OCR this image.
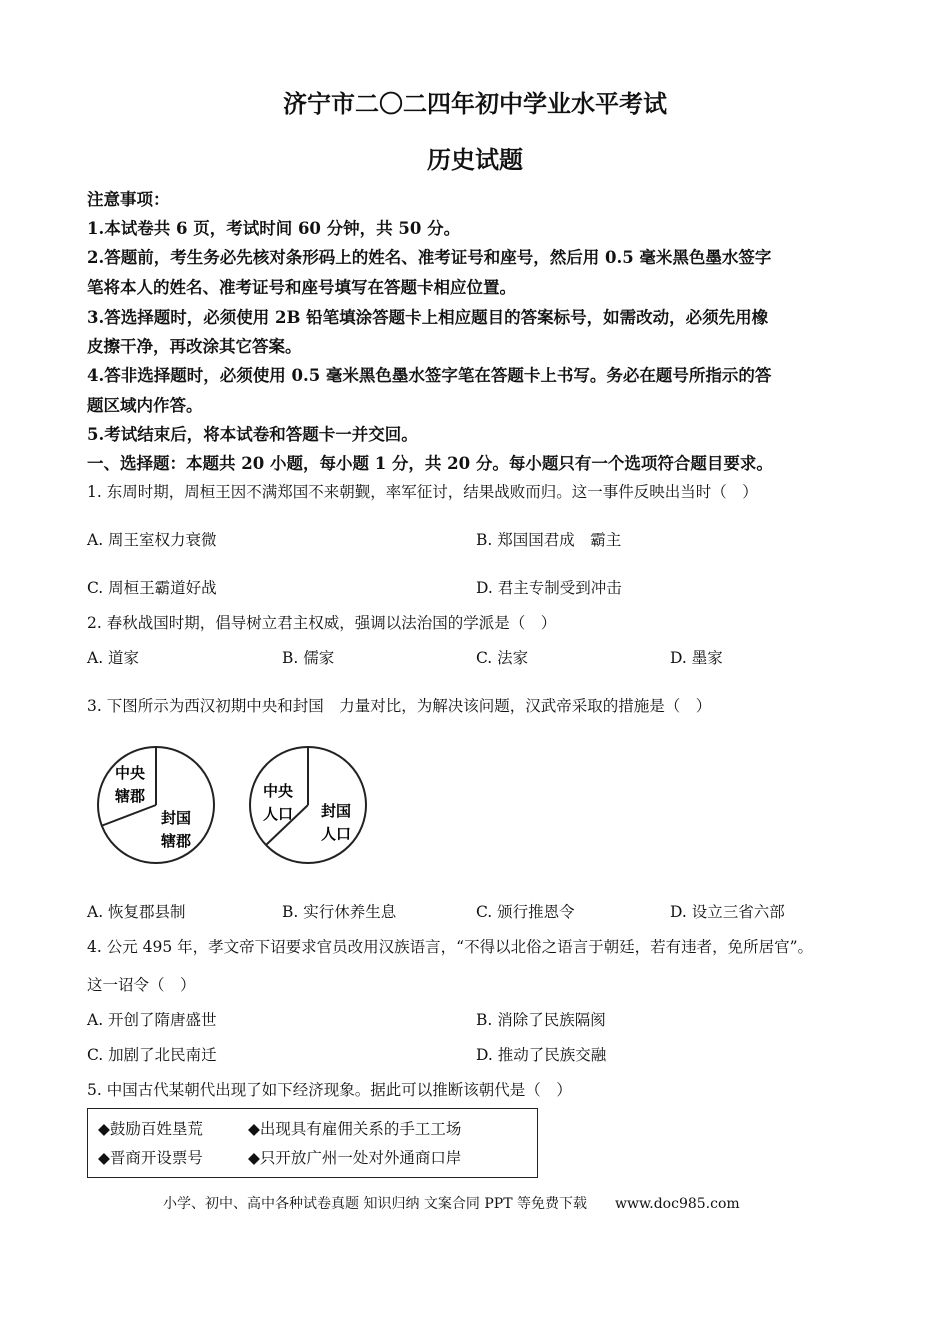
济宁市二〇二四年初中学业水平考试
历史试题
注意事项：
1.本试卷共 6 页，考试时间 60 分钟，共 50 分。
2.答题前，考生务必先核对条形码上的姓名、准考证号和座号，然后用 0.5 毫米黑色墨水签字
笔将本人的姓名、准考证号和座号填写在答题卡相应位置。
3.答选择题时，必须使用 2B 铅笔填涂答题卡上相应题目的答案标号，如需改动，必须先用橡
皮擦干净，再改涂其它答案。
4.答非选择题时，必须使用 0.5 毫米黑色墨水签字笔在答题卡上书写。务必在题号所指示的答
题区域内作答。
5.考试结束后，将本试卷和答题卡一并交回。
一、选择题：本题共 20 小题，每小题 1 分，共 20 分。每小题只有一个选项符合题目要求。
1. 东周时期，周桓王因不满郑国不来朝觐，率军征讨，结果战败而归。这一事件反映出当时（　）
A. 周王室权力衰微	B. 郑国国君成　霸主
C. 周桓王霸道好战	D. 君主专制受到冲击
2. 春秋战国时期，倡导树立君主权威，强调以法治国的学派是（　）
A. 道家	B. 儒家	C. 法家	D. 墨家
3. 下图所示为西汉初期中央和封国　力量对比，为解决该问题，汉武帝采取的措施是（　）
中央
辖郡
封国
辖郡
中央
人口 封国
人口
A. 恢复郡县制	B. 实行休养生息	C. 颁行推恩令	D. 设立三省六部
4. 公元 495 年，孝文帝下诏要求官员改用汉族语言，“不得以北俗之语言于朝廷，若有违者，免所居官”。
这一诏令（　）
A. 开创了隋唐盛世	B. 消除了民族隔阂
C. 加剧了北民南迁	D. 推动了民族交融
5. 中国古代某朝代出现了如下经济现象。据此可以推断该朝代是（　）
◆鼓励百姓垦荒	◆出现具有雇佣关系的手工工场
◆晋商开设票号	◆只开放广州一处对外通商口岸
小学、初中、高中各种试卷真题 知识归纳 文案合同 PPT 等免费下载　　www.doc985.com
